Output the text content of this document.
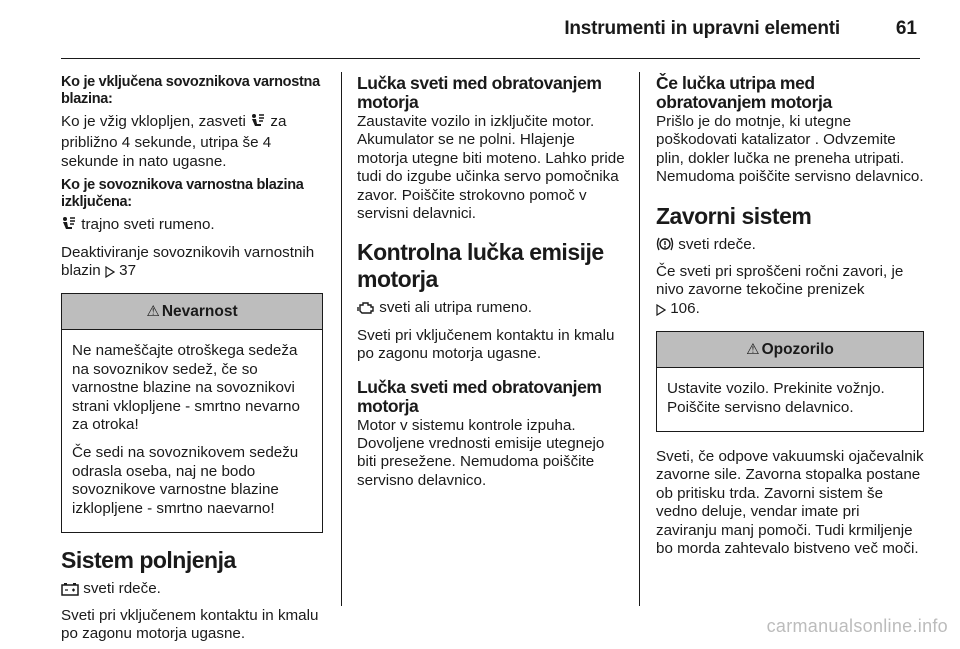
Instrumenti in upravni elementi	61
Ko je vključena sovoznikova varnostna blazina:

Ko je vžig vklopljen, zasveti za približno 4 sekunde, utripa še 4 sekunde in nato ugasne.

Ko je sovoznikova varnostna blazina izključena:

trajno sveti rumeno.

Deaktiviranje sovoznikovih varnostnih blazin 37

⚠ Nevarnost

Ne nameščajte otroškega sedeža na sovoznikov sedež, če so varnostne blazine na sovoznikovi strani vklopljene - smrtno nevarno za otroka!

Če sedi na sovoznikovem sedežu odrasla oseba, naj ne bodo sovoznikove varnostne blazine izklopljene - smrtno naevarno!

Sistem polnjenja

sveti rdeče.

Sveti pri vključenem kontaktu in kmalu po zagonu motorja ugasne.

Lučka sveti med obratovanjem motorja

Zaustavite vozilo in izključite motor. Akumulator se ne polni. Hlajenje motorja utegne biti moteno. Lahko pride tudi do izgube učinka servo pomočnika zavor. Poiščite strokovno pomoč v servisni delavnici.

Kontrolna lučka emisije motorja

sveti ali utripa rumeno.

Sveti pri vključenem kontaktu in kmalu po zagonu motorja ugasne.

Lučka sveti med obratovanjem motorja

Motor v sistemu kontrole izpuha. Dovoljene vrednosti emisije utegnejo biti presežene. Nemudoma poiščite servisno delavnico.

Če lučka utripa med obratovanjem motorja

Prišlo je do motnje, ki utegne poškodovati katalizator . Odvzemite plin, dokler lučka ne preneha utripati. Nemudoma poiščite servisno delavnico.

Zavorni sistem

sveti rdeče.

Če sveti pri sproščeni ročni zavori, je nivo zavorne tekočine prenizek
106.

⚠ Opozorilo

Ustavite vozilo. Prekinite vožnjo. Poiščite servisno delavnico.

Sveti, če odpove vakuumski ojačevalnik zavorne sile. Zavorna stopalka postane ob pritisku trda. Zavorni sistem še vedno deluje, vendar imate pri zaviranju manj pomoči. Tudi krmiljenje bo morda zahtevalo bistveno več moči.

carmanualsonline.info
